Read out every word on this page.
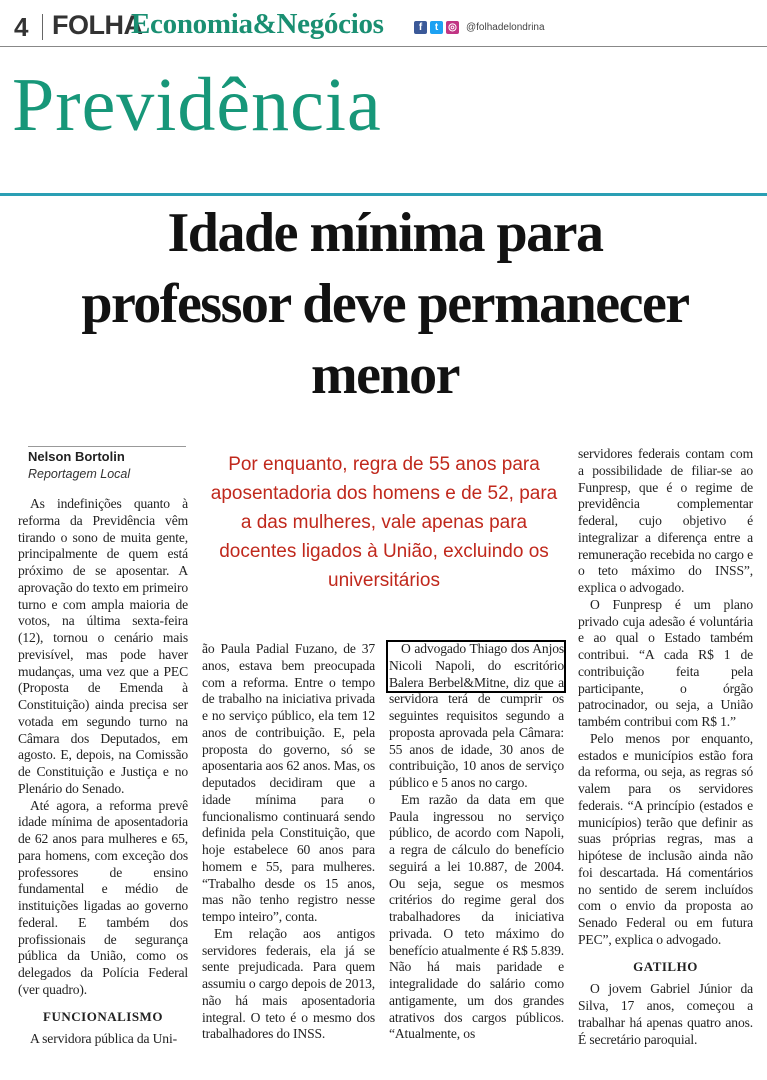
4 FOLHA
Economia&Negócios	f	t ◎ @folhadelondrina
Previdência
Idade mínima para professor deve permanecer menor
Nelson Bortolin
Reportagem Local	Por enquanto, regra de 55 anos para aposentadoria dos homens e de 52, para a das mulheres, vale apenas para docentes ligados à União, excluindo os universitários

As indefinições quanto à reforma da Previdência vêm tirando o sono de muita gente, principalmente de quem está próximo de se aposentar. A aprovação do texto em primeiro turno e com ampla maioria de votos, na última sexta-feira (12), tornou o cenário mais previsível, mas pode haver mudanças, uma vez que a PEC (Proposta de Emenda à Constituição) ainda precisa ser votada em segundo turno na Câmara dos Deputados, em agosto. E, depois, na Comissão de Constituição e Justiça e no Plenário do Senado.

Até agora, a reforma prevê idade mínima de aposentadoria de 62 anos para mulheres e 65, para homens, com exceção dos professores de ensino fundamental e médio de instituições ligadas ao governo federal. E também dos profissionais de segurança pública da União, como os delegados da Polícia Federal (ver quadro).

FUNCIONALISMO

A servidora pública da Uni-

ão Paula Padial Fuzano, de 37 anos, estava bem preocupada com a reforma. Entre o tempo de trabalho na iniciativa privada e no serviço público, ela tem 12 anos de contribuição. E, pela proposta do governo, só se aposentaria aos 62 anos. Mas, os deputados decidiram que a idade mínima para o funcionalismo continuará sendo definida pela Constituição, que hoje estabelece 60 anos para homem e 55, para mulheres. “Trabalho desde os 15 anos, mas não tenho registro nesse tempo inteiro”, conta.

Em relação aos antigos servidores federais, ela já se sente prejudicada. Para quem assumiu o cargo depois de 2013, não há mais aposentadoria integral. O teto é o mesmo dos trabalhadores do INSS.

O advogado Thiago dos Anjos Nicoli Napoli, do escritório Balera Berbel&Mitne, diz que a servidora terá de cumprir os seguintes requisitos segundo a proposta aprovada pela Câmara: 55 anos de idade, 30 anos de contribuição, 10 anos de serviço público e 5 anos no cargo.

Em razão da data em que Paula ingressou no serviço público, de acordo com Napoli, a regra de cálculo do benefício seguirá a lei 10.887, de 2004. Ou seja, segue os mesmos critérios do regime geral dos trabalhadores da iniciativa privada. O teto máximo do benefício atualmente é R$ 5.839. Não há mais paridade e integralidade do salário como antigamente, um dos grandes atrativos dos cargos públicos. “Atualmente, os

servidores federais contam com a possibilidade de filiar-se ao Funpresp, que é o regime de previdência complementar federal, cujo objetivo é integralizar a diferença entre a remuneração recebida no cargo e o teto máximo do INSS”, explica o advogado.

O Funpresp é um plano privado cuja adesão é voluntária e ao qual o Estado também contribui. “A cada R$ 1 de contribuição feita pela participante, o órgão patrocinador, ou seja, a União também contribui com R$ 1.”

Pelo menos por enquanto, estados e municípios estão fora da reforma, ou seja, as regras só valem para os servidores federais. “A princípio (estados e municípios) terão que definir as suas próprias regras, mas a hipótese de inclusão ainda não foi descartada. Há comentários no sentido de serem incluídos com o envio da proposta ao Senado Federal ou em futura PEC”, explica o advogado.

GATILHO

O jovem Gabriel Júnior da Silva, 17 anos, começou a trabalhar há apenas quatro anos. É secretário paroquial.
